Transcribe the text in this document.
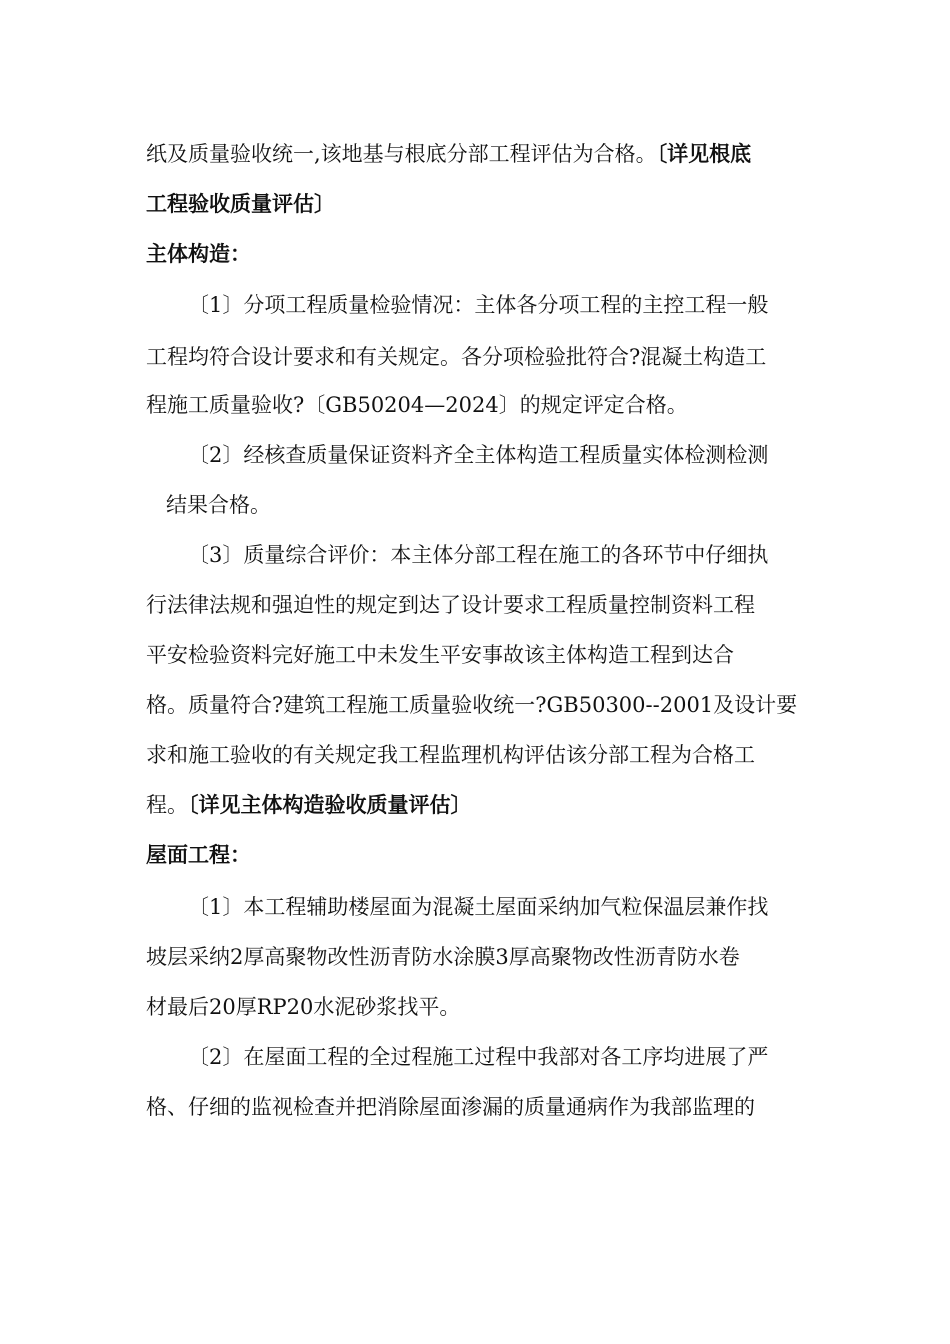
纸及质量验收统一,该地基与根底分部工程评估为合格。〔详见根底
工程验收质量评估〕
主体构造：
〔1〕分项工程质量检验情况：主体各分项工程的主控工程一般
工程均符合设计要求和有关规定。各分项检验批符合?混凝土构造工
程施工质量验收?〔GB50204—2024〕的规定评定合格。
〔2〕经核查质量保证资料齐全主体构造工程质量实体检测检测
结果合格。
〔3〕质量综合评价：本主体分部工程在施工的各环节中仔细执
行法律法规和强迫性的规定到达了设计要求工程质量控制资料工程
平安检验资料完好施工中未发生平安事故该主体构造工程到达合
格。质量符合?建筑工程施工质量验收统一?GB50300--2001及设计要
求和施工验收的有关规定我工程监理机构评估该分部工程为合格工
程。〔详见主体构造验收质量评估〕
屋面工程：
〔1〕本工程辅助楼屋面为混凝土屋面采纳加气粒保温层兼作找
坡层采纳2厚高聚物改性沥青防水涂膜3厚高聚物改性沥青防水卷
材最后20厚RP20水泥砂浆找平。
〔2〕在屋面工程的全过程施工过程中我部对各工序均进展了严
格、仔细的监视检查并把消除屋面渗漏的质量通病作为我部监理的
